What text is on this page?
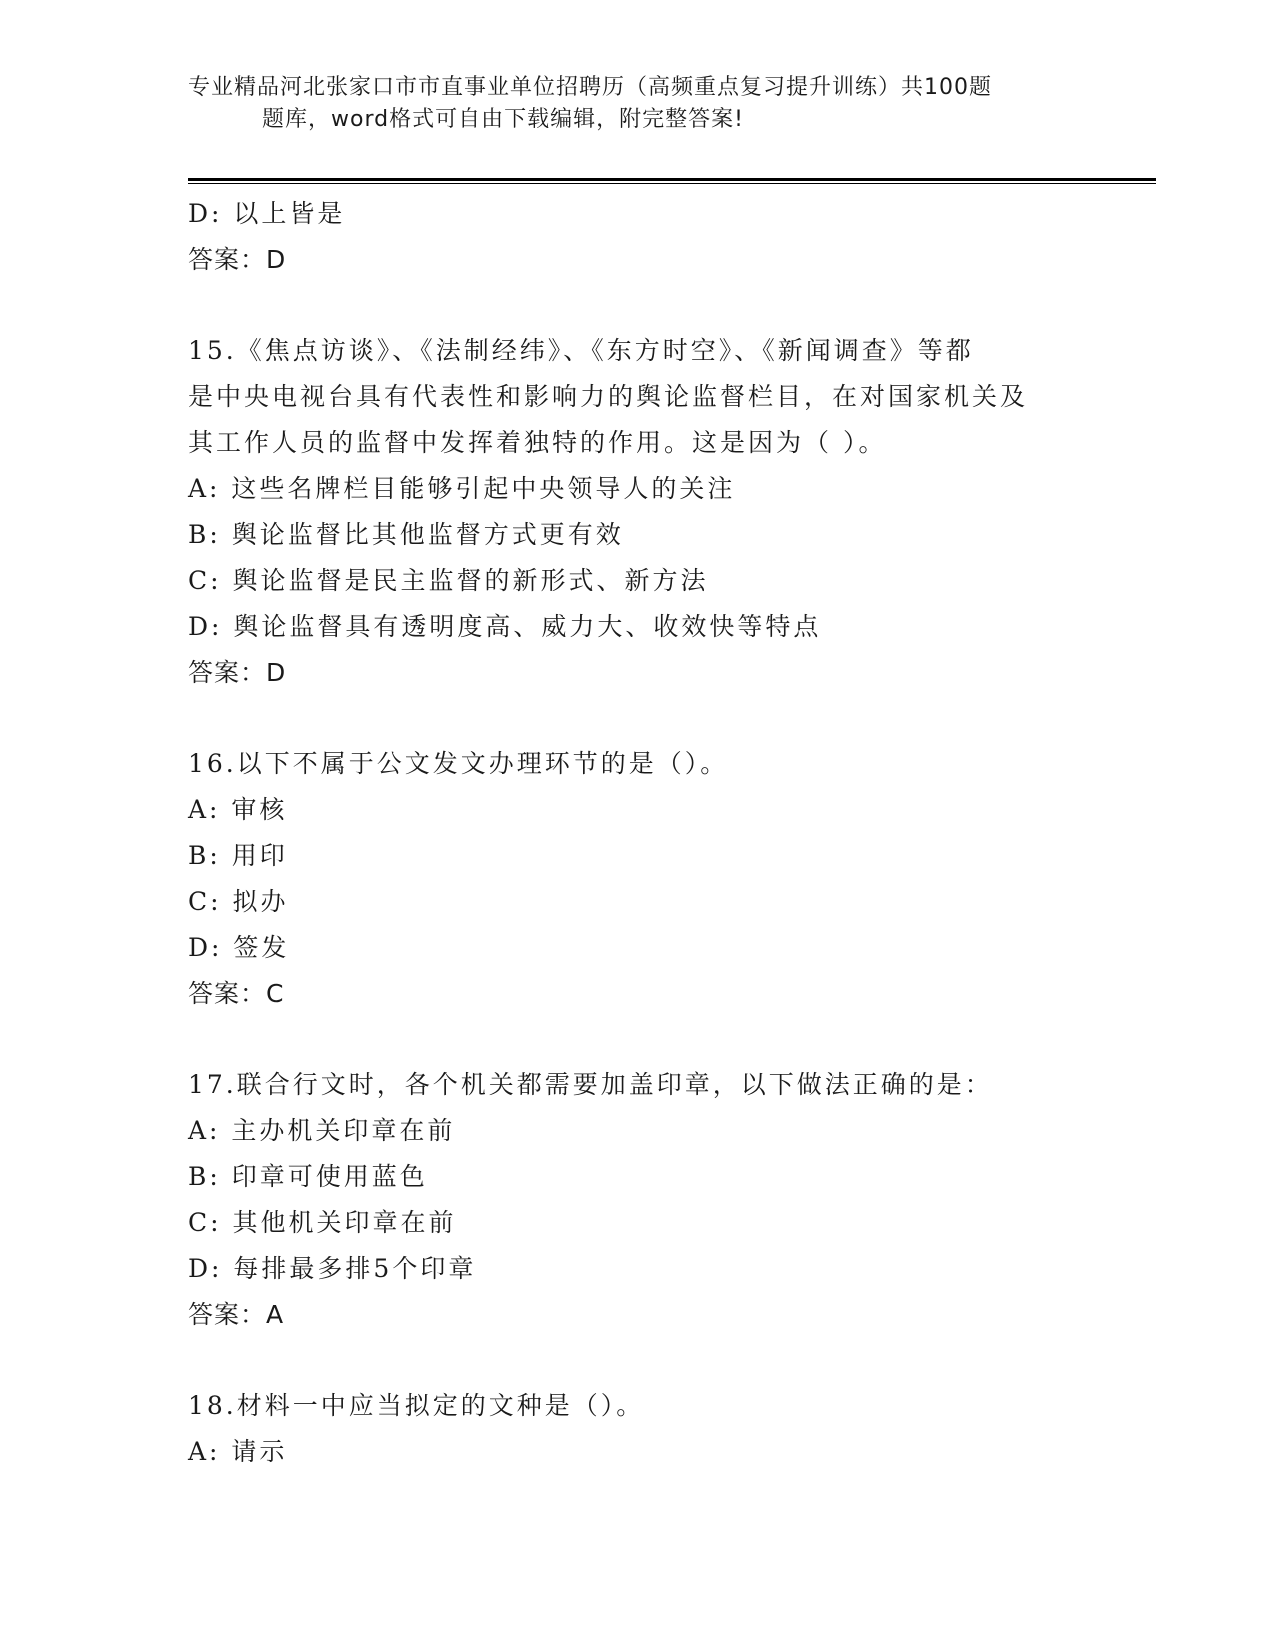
专业精品河北张家口市市直事业单位招聘历（高频重点复习提升训练）共100题
题库，word格式可自由下载编辑，附完整答案!
D: 以上皆是
答案：D
15.《焦点访谈》、《法制经纬》、《东方时空》、《新闻调查》等都
是中央电视台具有代表性和影响力的舆论监督栏目，在对国家机关及
其工作人员的监督中发挥着独特的作用。这是因为（ ）。
A: 这些名牌栏目能够引起中央领导人的关注
B: 舆论监督比其他监督方式更有效
C: 舆论监督是民主监督的新形式、新方法
D: 舆论监督具有透明度高、威力大、收效快等特点
答案：D
16.以下不属于公文发文办理环节的是（）。
A: 审核
B: 用印
C: 拟办
D: 签发
答案：C
17.联合行文时，各个机关都需要加盖印章，以下做法正确的是：
A: 主办机关印章在前
B: 印章可使用蓝色
C: 其他机关印章在前
D: 每排最多排5个印章
答案：A
18.材料一中应当拟定的文种是（）。
A: 请示
